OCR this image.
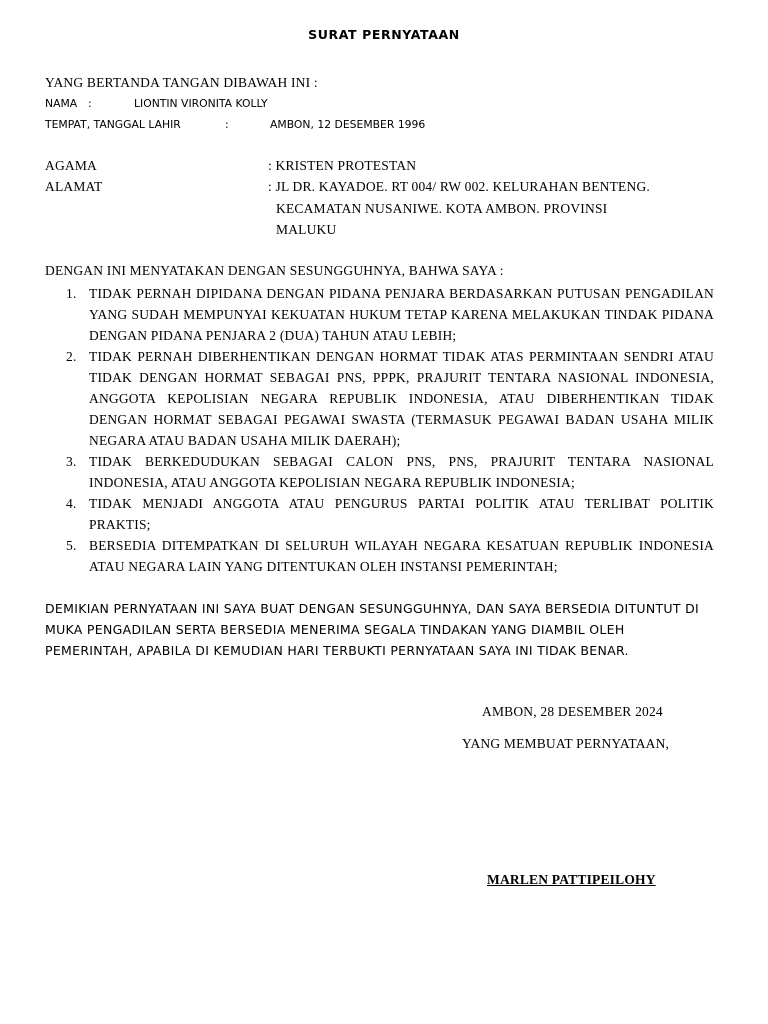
SURAT PERNYATAAN
YANG BERTANDA TANGAN DIBAWAH INI :
NAMA :	LIONTIN VIRONITA KOLLY
TEMPAT, TANGGAL LAHIR	:	AMBON, 12 DESEMBER 1996
AGAMA	: KRISTEN PROTESTAN
ALAMAT	: JL DR. KAYADOE. RT 004/ RW 002. KELURAHAN BENTENG.
KECAMATAN NUSANIWE. KOTA AMBON. PROVINSI
MALUKU
DENGAN INI MENYATAKAN DENGAN SESUNGGUHNYA, BAHWA SAYA :

1. TIDAK PERNAH DIPIDANA DENGAN PIDANA PENJARA BERDASARKAN PUTUSAN PENGADILAN YANG SUDAH MEMPUNYAI KEKUATAN HUKUM TETAP KARENA MELAKUKAN TINDAK PIDANA DENGAN PIDANA PENJARA 2 (DUA) TAHUN ATAU LEBIH;

2. TIDAK PERNAH DIBERHENTIKAN DENGAN HORMAT TIDAK ATAS PERMINTAAN SENDRI ATAU TIDAK DENGAN HORMAT SEBAGAI PNS, PPPK, PRAJURIT TENTARA NASIONAL INDONESIA, ANGGOTA KEPOLISIAN NEGARA REPUBLIK INDONESIA, ATAU DIBERHENTIKAN TIDAK DENGAN HORMAT SEBAGAI PEGAWAI SWASTA (TERMASUK PEGAWAI BADAN USAHA MILIK NEGARA ATAU BADAN USAHA MILIK DAERAH);

3. TIDAK BERKEDUDUKAN SEBAGAI CALON PNS, PNS, PRAJURIT TENTARA NASIONAL INDONESIA, ATAU ANGGOTA KEPOLISIAN NEGARA REPUBLIK INDONESIA;

4. TIDAK MENJADI ANGGOTA ATAU PENGURUS PARTAI POLITIK ATAU TERLIBAT POLITIK PRAKTIS;

5. BERSEDIA DITEMPATKAN DI SELURUH WILAYAH NEGARA KESATUAN REPUBLIK INDONESIA ATAU NEGARA LAIN YANG DITENTUKAN OLEH INSTANSI PEMERINTAH;

DEMIKIAN PERNYATAAN INI SAYA BUAT DENGAN SESUNGGUHNYA, DAN SAYA BERSEDIA DITUNTUT DI MUKA PENGADILAN SERTA BERSEDIA MENERIMA SEGALA TINDAKAN YANG DIAMBIL OLEH PEMERINTAH, APABILA DI KEMUDIAN HARI TERBUKTI PERNYATAAN SAYA INI TIDAK BENAR.
AMBON, 28 DESEMBER 2024
YANG MEMBUAT PERNYATAAN,
MARLEN PATTIPEILOHY
